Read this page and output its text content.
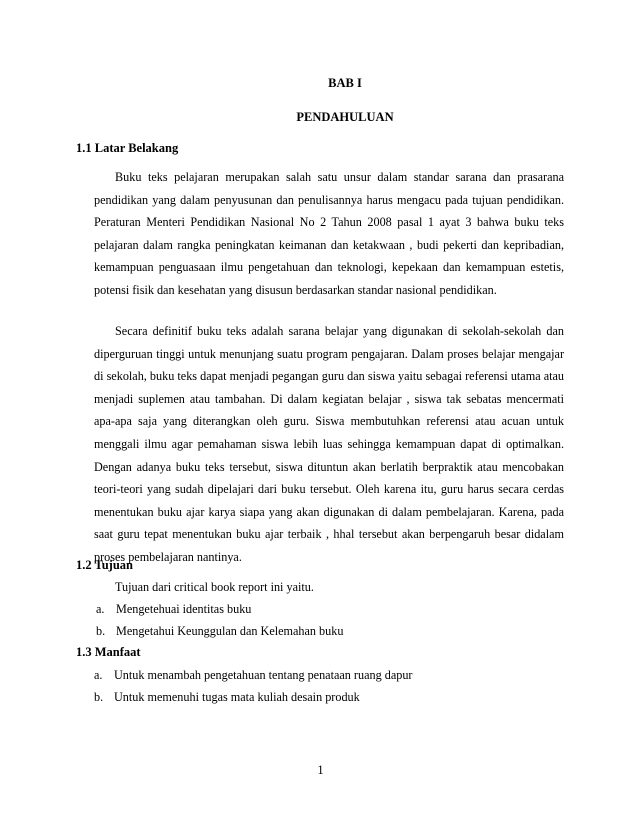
BAB I
PENDAHULUAN
1.1 Latar Belakang

Buku teks pelajaran merupakan salah satu unsur dalam standar sarana dan prasarana pendidikan yang dalam penyusunan dan penulisannya harus mengacu pada tujuan pendidikan. Peraturan Menteri Pendidikan Nasional No 2 Tahun 2008 pasal 1 ayat 3 bahwa buku teks pelajaran dalam rangka peningkatan keimanan dan ketakwaan , budi pekerti dan kepribadian, kemampuan penguasaan ilmu pengetahuan dan teknologi, kepekaan dan kemampuan estetis, potensi fisik dan kesehatan yang disusun berdasarkan standar nasional pendidikan.

Secara definitif buku teks adalah sarana belajar yang digunakan di sekolah-sekolah dan diperguruan tinggi untuk menunjang suatu program pengajaran. Dalam proses belajar mengajar di sekolah, buku teks dapat menjadi pegangan guru dan siswa yaitu sebagai referensi utama atau menjadi suplemen atau tambahan. Di dalam kegiatan belajar , siswa tak sebatas mencermati apa-apa saja yang diterangkan oleh guru. Siswa membutuhkan referensi atau acuan untuk menggali ilmu agar pemahaman siswa lebih luas sehingga kemampuan dapat di optimalkan. Dengan adanya buku teks tersebut, siswa dituntun akan berlatih berpraktik atau mencobakan teori-teori yang sudah dipelajari dari buku tersebut. Oleh karena itu, guru harus secara cerdas menentukan buku ajar karya siapa yang akan digunakan di dalam pembelajaran. Karena, pada saat guru tepat menentukan buku ajar terbaik , hhal tersebut akan berpengaruh besar didalam proses pembelajaran nantinya.

1.2 Tujuan
Tujuan dari critical book report ini yaitu.
a. Mengetehuai identitas buku
b. Mengetahui Keunggulan dan Kelemahan buku
1.3 Manfaat
a. Untuk menambah pengetahuan tentang penataan ruang dapur
b. Untuk memenuhi tugas mata kuliah desain produk
1
